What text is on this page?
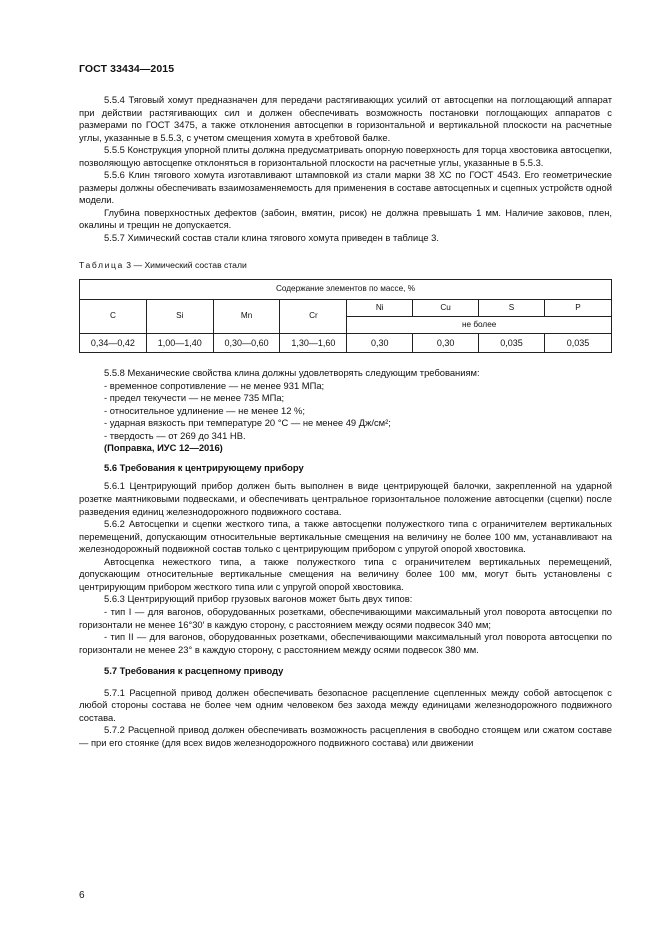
ГОСТ 33434—2015

5.5.4 Тяговый хомут предназначен для передачи растягивающих усилий от автосцепки на поглощающий аппарат при действии растягивающих сил и должен обеспечивать возможность постановки поглощающих аппаратов с размерами по ГОСТ 3475, а также отклонения автосцепки в горизонтальной и вертикальной плоскости на расчетные углы, указанные в 5.5.3, с учетом смещения хомута в хребтовой балке.

5.5.5 Конструкция упорной плиты должна предусматривать опорную поверхность для торца хвостовика автосцепки, позволяющую автосцепке отклоняться в горизонтальной плоскости на расчетные углы, указанные в 5.5.3.

5.5.6 Клин тягового хомута изготавливают штамповкой из стали марки 38 ХС по ГОСТ 4543. Его геометрические размеры должны обеспечивать взаимозаменяемость для применения в составе автосцепных и сцепных устройств одной модели.

Глубина поверхностных дефектов (забоин, вмятин, рисок) не должна превышать 1 мм. Наличие заковов, плен, окалины и трещин не допускается.

5.5.7 Химический состав стали клина тягового хомута приведен в таблице 3.

Таблица 3 — Химический состав стали

Содержание элементов по массе, %							
C	Si	Mn	Cr	Ni	Cu	S	P
				не более			
0,34—0,42	1,00—1,40	0,30—0,60	1,30—1,60	0,30	0,30	0,035	0,035

5.5.8 Механические свойства клина должны удовлетворять следующим требованиям:

- временное сопротивление — не менее 931 МПа;

- предел текучести — не менее 735 МПа;

- относительное удлинение — не менее 12 %;

- ударная вязкость при температуре 20 °С — не менее 49 Дж/см²;

- твердость — от 269 до 341 НВ.

(Поправка, ИУС 12—2016)

5.6 Требования к центрирующему прибору

5.6.1 Центрирующий прибор должен быть выполнен в виде центрирующей балочки, закрепленной на ударной розетке маятниковыми подвесками, и обеспечивать центральное горизонтальное положение автосцепки (сцепки) после разведения единиц железнодорожного подвижного состава.

5.6.2 Автосцепки и сцепки жесткого типа, а также автосцепки полужесткого типа с ограничителем вертикальных перемещений, допускающим относительные вертикальные смещения на величину не более 100 мм, устанавливают на железнодорожный подвижной состав только с центрирующим прибором с упругой опорой хвостовика.

Автосцепка нежесткого типа, а также полужесткого типа с ограничителем вертикальных перемещений, допускающим относительные вертикальные смещения на величину более 100 мм, могут быть установлены с центрирующим прибором жесткого типа или с упругой опорой хвостовика.

5.6.3 Центрирующий прибор грузовых вагонов может быть двух типов:

- тип I — для вагонов, оборудованных розетками, обеспечивающими максимальный угол поворота автосцепки по горизонтали не менее 16°30′ в каждую сторону, с расстоянием между осями подвесок 340 мм;

- тип II — для вагонов, оборудованных розетками, обеспечивающими максимальный угол поворота автосцепки по горизонтали не менее 23° в каждую сторону, с расстоянием между осями подвесок 380 мм.

5.7 Требования к расцепному приводу

5.7.1 Расцепной привод должен обеспечивать безопасное расцепление сцепленных между собой автосцепок с любой стороны состава не более чем одним человеком без захода между единицами железнодорожного подвижного состава.

5.7.2 Расцепной привод должен обеспечивать возможность расцепления в свободно стоящем или сжатом составе — при его стоянке (для всех видов железнодорожного подвижного состава) или движении

6
